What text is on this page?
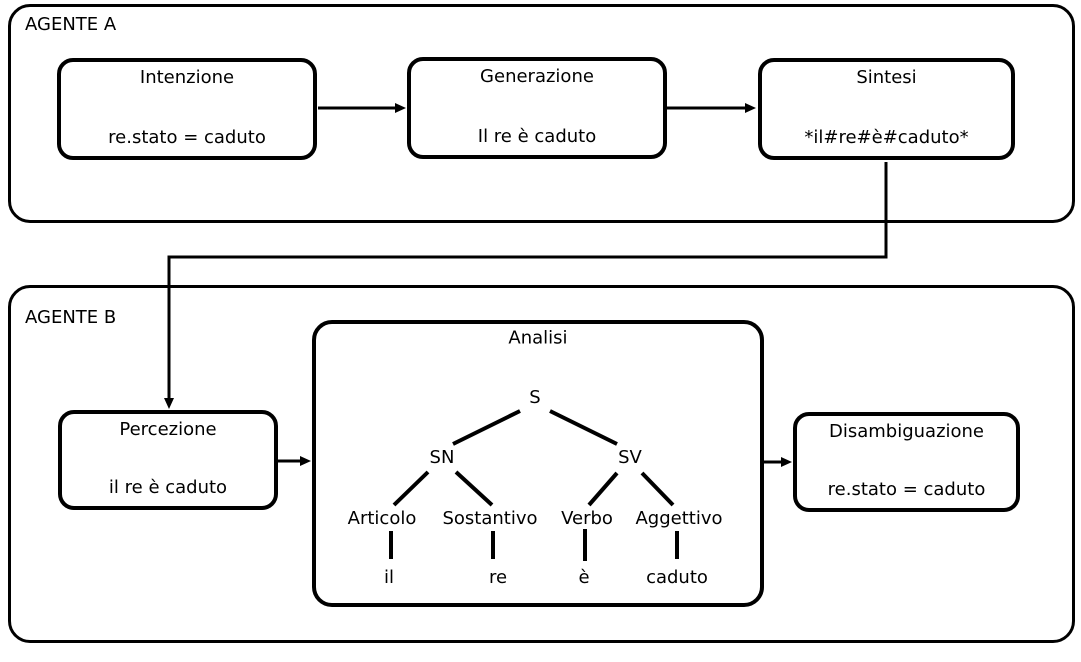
AGENTE A
Intenzione
re.stato = caduto
Generazione
Il re è caduto
Sintesi
*il#re#è#caduto*
AGENTE B
Percezione
il re è caduto
Analisi
S
SN	SV
Articolo Sostantivo Verbo Aggettivo
il	re	è	caduto
Disambiguazione
re.stato = caduto
